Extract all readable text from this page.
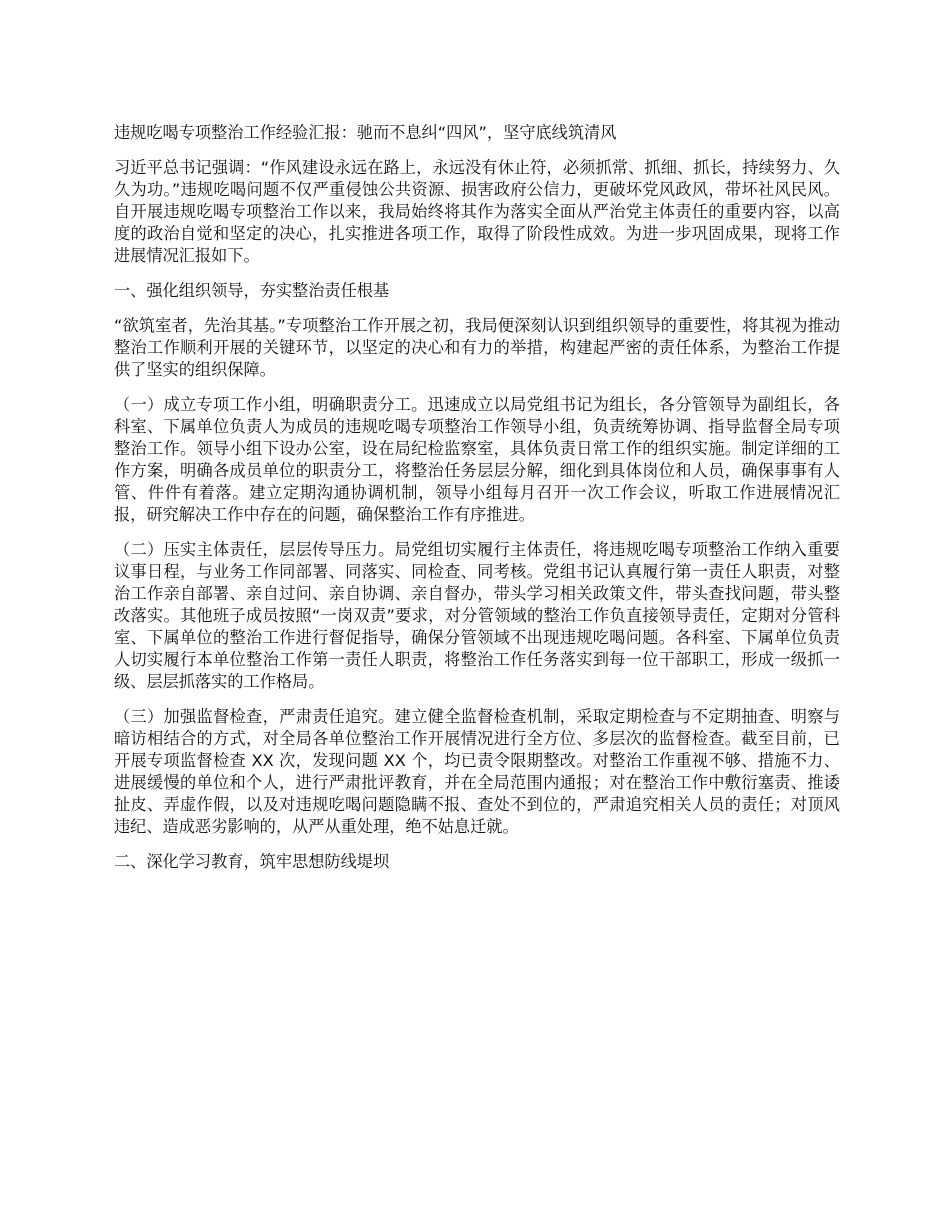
违规吃喝专项整治工作经验汇报：驰而不息纠“四风”，坚守底线筑清风

习近平总书记强调：“作风建设永远在路上，永远没有休止符，必须抓常、抓细、抓长，持续努力、久久为功。”违规吃喝问题不仅严重侵蚀公共资源、损害政府公信力，更破坏党风政风，带坏社风民风。自开展违规吃喝专项整治工作以来，我局始终将其作为落实全面从严治党主体责任的重要内容，以高度的政治自觉和坚定的决心，扎实推进各项工作，取得了阶段性成效。为进一步巩固成果，现将工作进展情况汇报如下。

一、强化组织领导，夯实整治责任根基

“欲筑室者，先治其基。”专项整治工作开展之初，我局便深刻认识到组织领导的重要性，将其视为推动整治工作顺利开展的关键环节，以坚定的决心和有力的举措，构建起严密的责任体系，为整治工作提供了坚实的组织保障。

（一）成立专项工作小组，明确职责分工。迅速成立以局党组书记为组长，各分管领导为副组长，各科室、下属单位负责人为成员的违规吃喝专项整治工作领导小组，负责统筹协调、指导监督全局专项整治工作。领导小组下设办公室，设在局纪检监察室，具体负责日常工作的组织实施。制定详细的工作方案，明确各成员单位的职责分工，将整治任务层层分解，细化到具体岗位和人员，确保事事有人管、件件有着落。建立定期沟通协调机制，领导小组每月召开一次工作会议，听取工作进展情况汇报，研究解决工作中存在的问题，确保整治工作有序推进。

（二）压实主体责任，层层传导压力。局党组切实履行主体责任，将违规吃喝专项整治工作纳入重要议事日程，与业务工作同部署、同落实、同检查、同考核。党组书记认真履行第一责任人职责，对整治工作亲自部署、亲自过问、亲自协调、亲自督办，带头学习相关政策文件，带头查找问题，带头整改落实。其他班子成员按照“一岗双责”要求，对分管领域的整治工作负直接领导责任，定期对分管科室、下属单位的整治工作进行督促指导，确保分管领域不出现违规吃喝问题。各科室、下属单位负责人切实履行本单位整治工作第一责任人职责，将整治工作任务落实到每一位干部职工，形成一级抓一级、层层抓落实的工作格局。

（三）加强监督检查，严肃责任追究。建立健全监督检查机制，采取定期检查与不定期抽查、明察与暗访相结合的方式，对全局各单位整治工作开展情况进行全方位、多层次的监督检查。截至目前，已开展专项监督检查 XX 次，发现问题 XX 个，均已责令限期整改。对整治工作重视不够、措施不力、进展缓慢的单位和个人，进行严肃批评教育，并在全局范围内通报；对在整治工作中敷衍塞责、推诿扯皮、弄虚作假，以及对违规吃喝问题隐瞒不报、查处不到位的，严肃追究相关人员的责任；对顶风违纪、造成恶劣影响的，从严从重处理，绝不姑息迁就。

二、深化学习教育，筑牢思想防线堤坝
